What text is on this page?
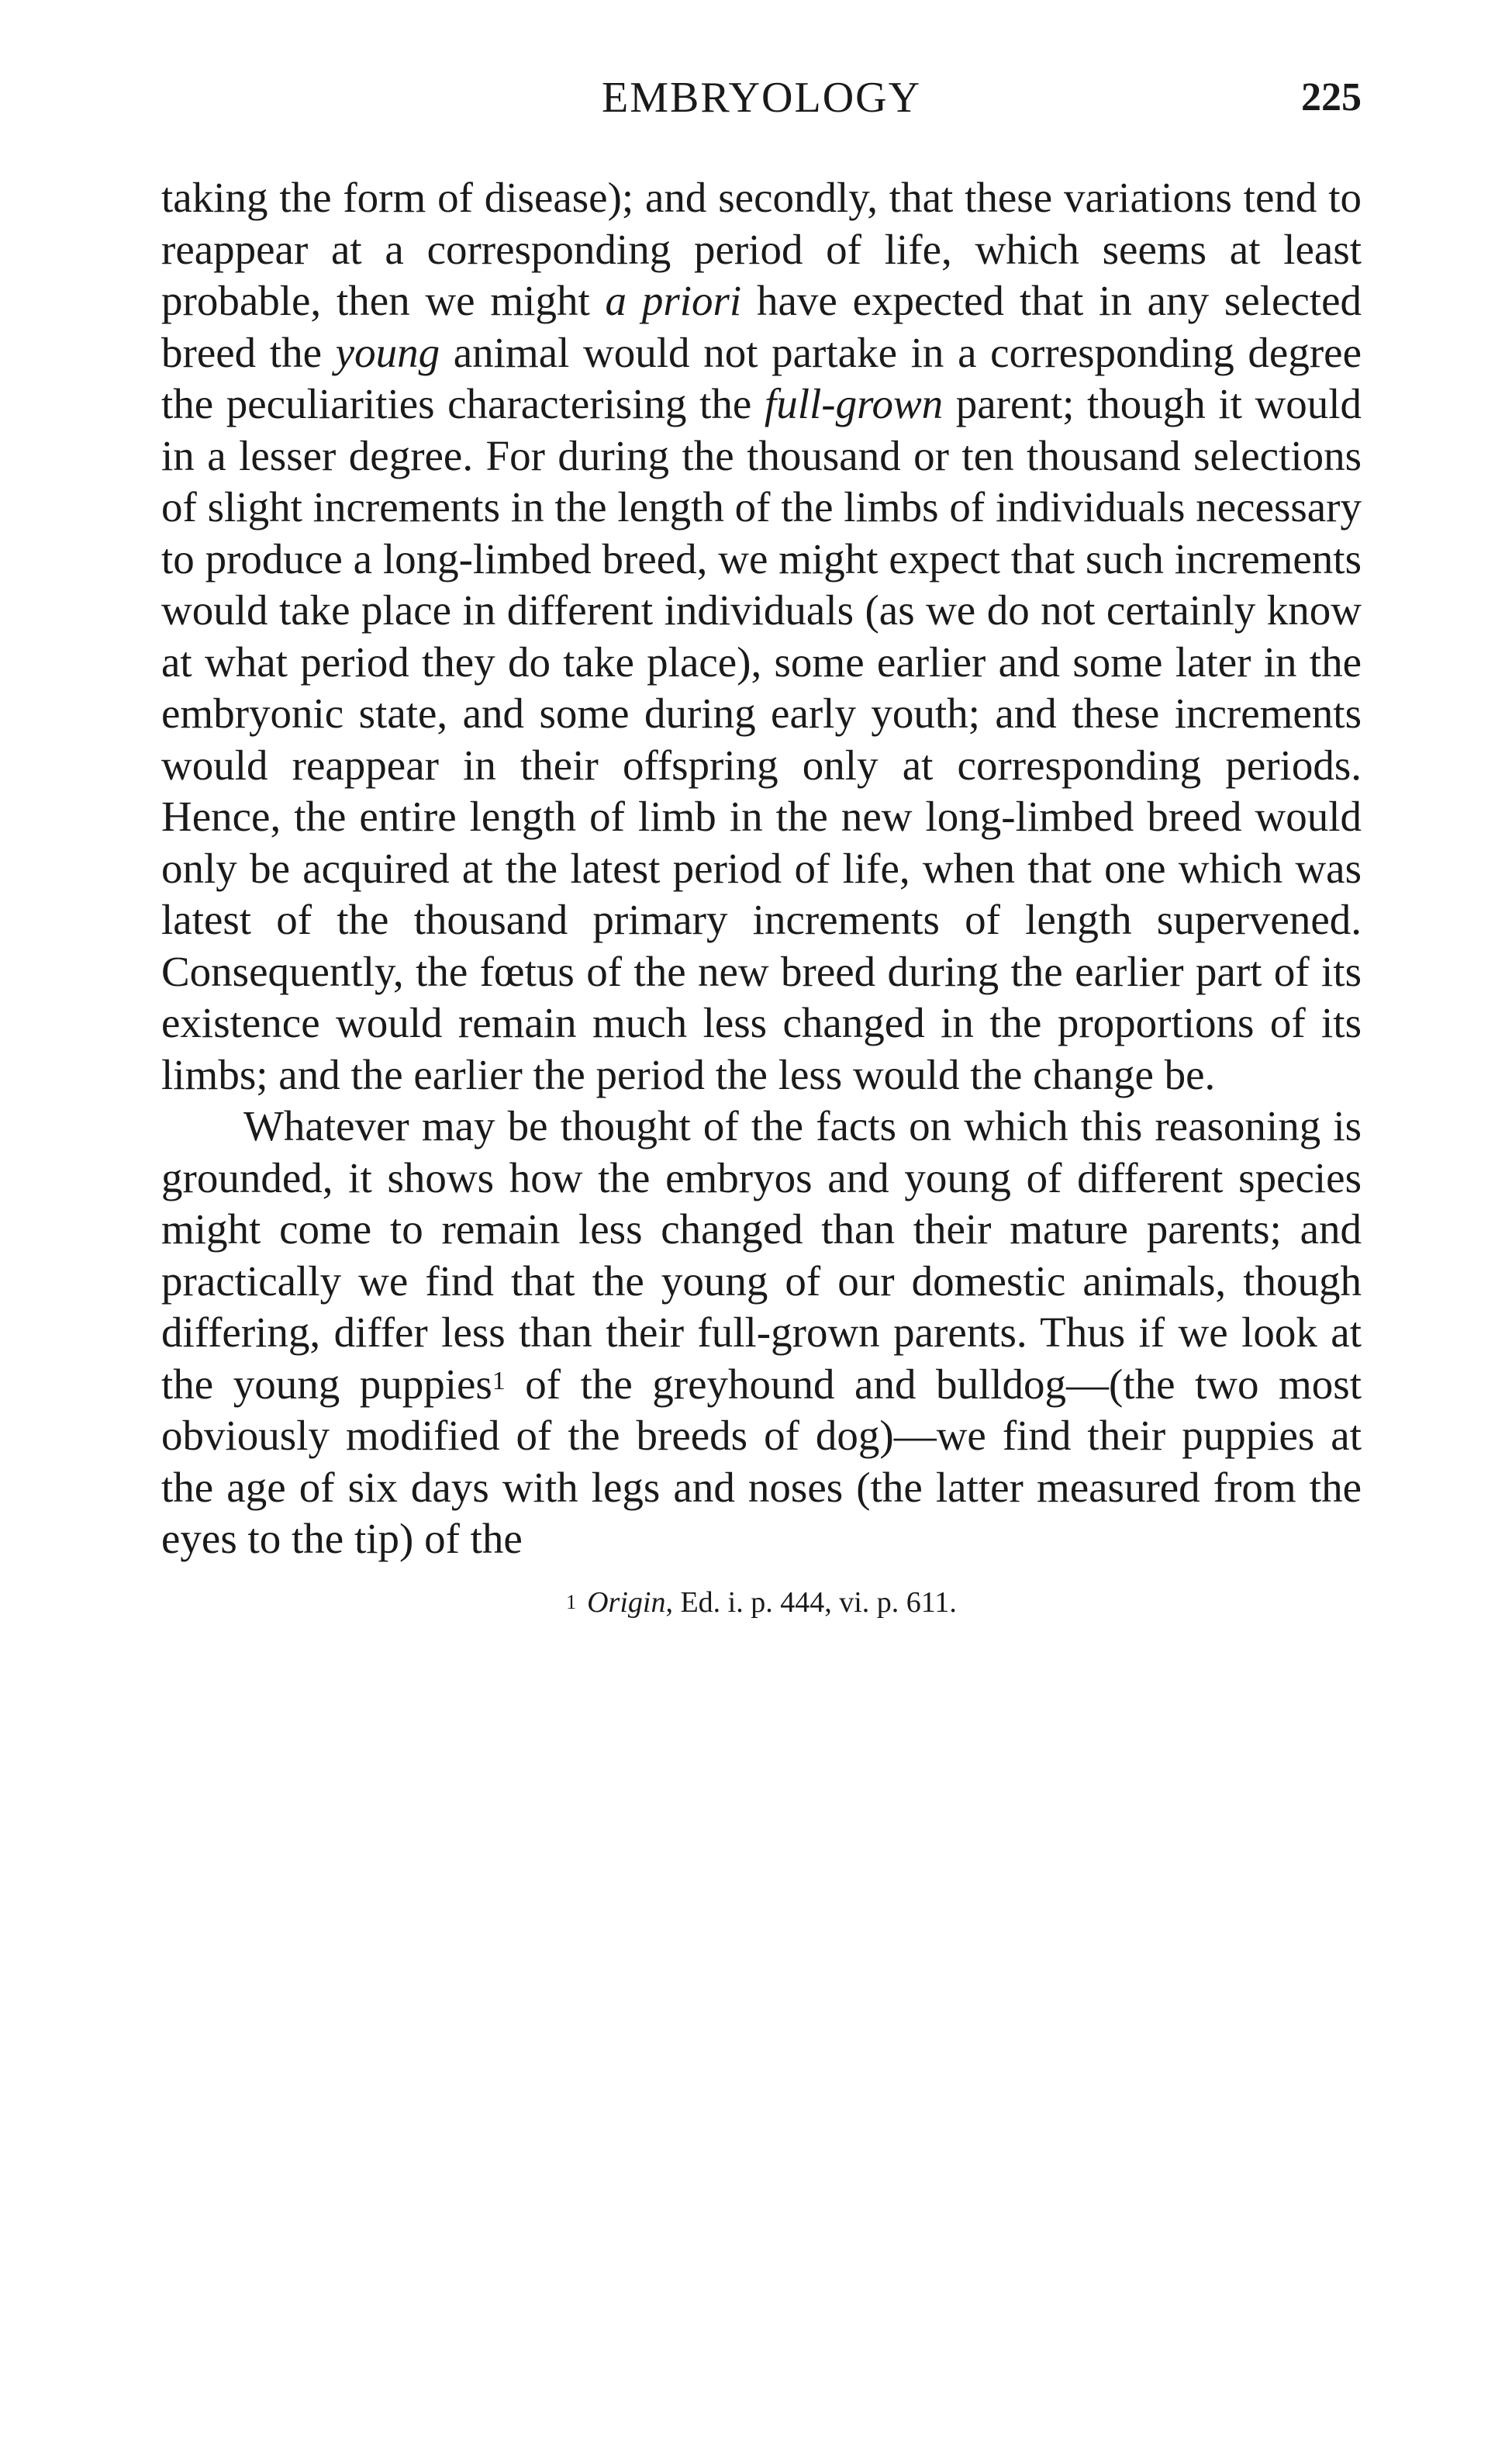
EMBRYOLOGY	225

taking the form of disease); and secondly, that these variations tend to reappear at a corresponding period of life, which seems at least probable, then we might a priori have expected that in any selected breed the young animal would not partake in a corresponding degree the peculiarities characterising the full-grown parent; though it would in a lesser degree. For during the thousand or ten thousand selections of slight increments in the length of the limbs of individuals necessary to produce a long-limbed breed, we might expect that such increments would take place in different individuals (as we do not certainly know at what period they do take place), some earlier and some later in the embryonic state, and some during early youth; and these increments would reappear in their offspring only at corresponding periods. Hence, the entire length of limb in the new long-limbed breed would only be acquired at the latest period of life, when that one which was latest of the thousand primary increments of length supervened. Consequently, the fœtus of the new breed during the earlier part of its existence would remain much less changed in the proportions of its limbs; and the earlier the period the less would the change be.

Whatever may be thought of the facts on which this reasoning is grounded, it shows how the embryos and young of different species might come to remain less changed than their mature parents; and practically we find that the young of our domestic animals, though differing, differ less than their full-grown parents. Thus if we look at the young puppies$^1$ of the greyhound and bulldog—(the two most obviously modified of the breeds of dog)—we find their puppies at the age of six days with legs and noses (the latter measured from the eyes to the tip) of the

$^1$ Origin, Ed. i. p. 444, vi. p. 611.
